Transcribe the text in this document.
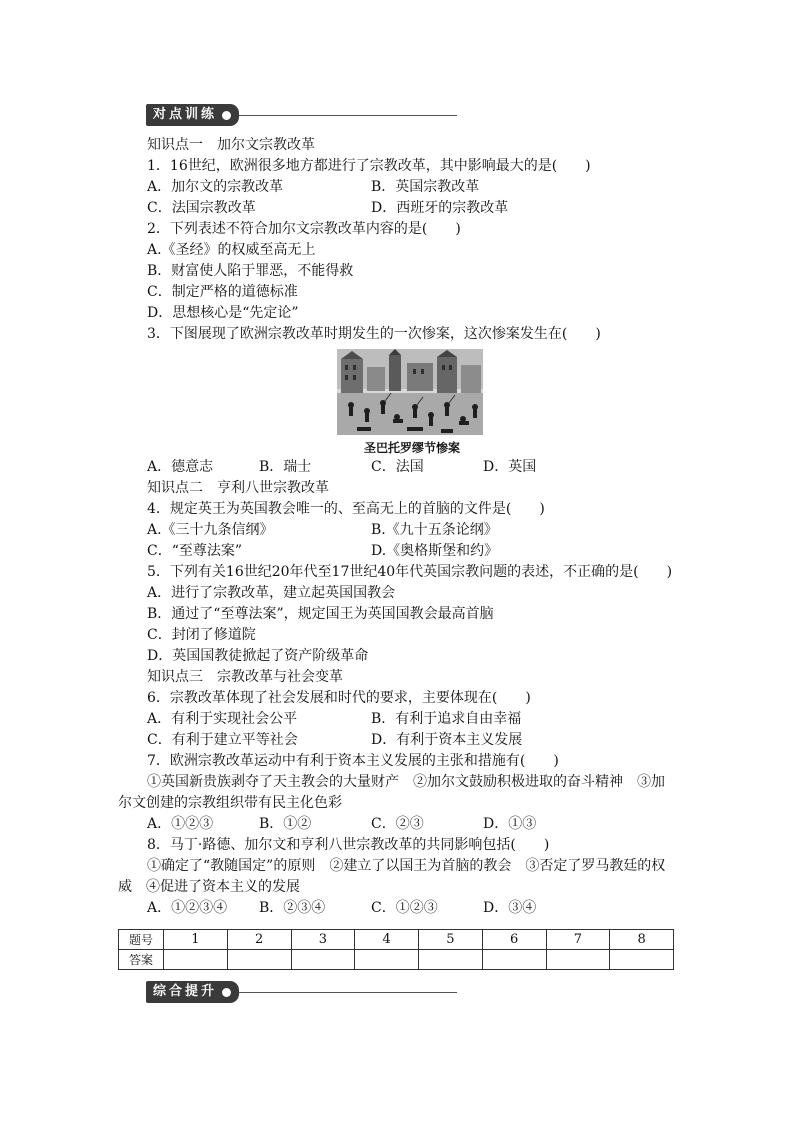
对点训练
知识点一　加尔文宗教改革
1．16世纪，欧洲很多地方都进行了宗教改革，其中影响最大的是(　　)
A．加尔文的宗教改革	B．英国宗教改革
C．法国宗教改革	D．西班牙的宗教改革
2．下列表述不符合加尔文宗教改革内容的是(　　)
A.《圣经》的权威至高无上
B．财富使人陷于罪恶，不能得救
C．制定严格的道德标准
D．思想核心是“先定论”
3．下图展现了欧洲宗教改革时期发生的一次惨案，这次惨案发生在(　　)
圣巴托罗缪节惨案
A．德意志	B．瑞士	C．法国	D．英国
知识点二　亨利八世宗教改革
4．规定英王为英国教会唯一的、至高无上的首脑的文件是(　　)
A.《三十九条信纲》	B.《九十五条论纲》
C．“至尊法案”	D.《奥格斯堡和约》
5．下列有关16世纪20年代至17世纪40年代英国宗教问题的表述，不正确的是(　　)
A．进行了宗教改革，建立起英国国教会
B．通过了“至尊法案”，规定国王为英国国教会最高首脑
C．封闭了修道院
D．英国国教徒掀起了资产阶级革命
知识点三　宗教改革与社会变革
6．宗教改革体现了社会发展和时代的要求，主要体现在(　　)
A．有利于实现社会公平	B．有利于追求自由幸福
C．有利于建立平等社会	D．有利于资本主义发展
7．欧洲宗教改革运动中有利于资本主义发展的主张和措施有(　　)
①英国新贵族剥夺了天主教会的大量财产　②加尔文鼓励积极进取的奋斗精神　③加
尔文创建的宗教组织带有民主化色彩
A．①②③	B．①②	C．②③	D．①③
8．马丁·路德、加尔文和亨利八世宗教改革的共同影响包括(　　)
①确定了“教随国定”的原则　②建立了以国王为首脑的教会　③否定了罗马教廷的权
威　④促进了资本主义的发展
A．①②③④ B．②③④	C．①②③	D．③④
题号	1	2	3	4	5	6	7	8
答案								
综合提升
